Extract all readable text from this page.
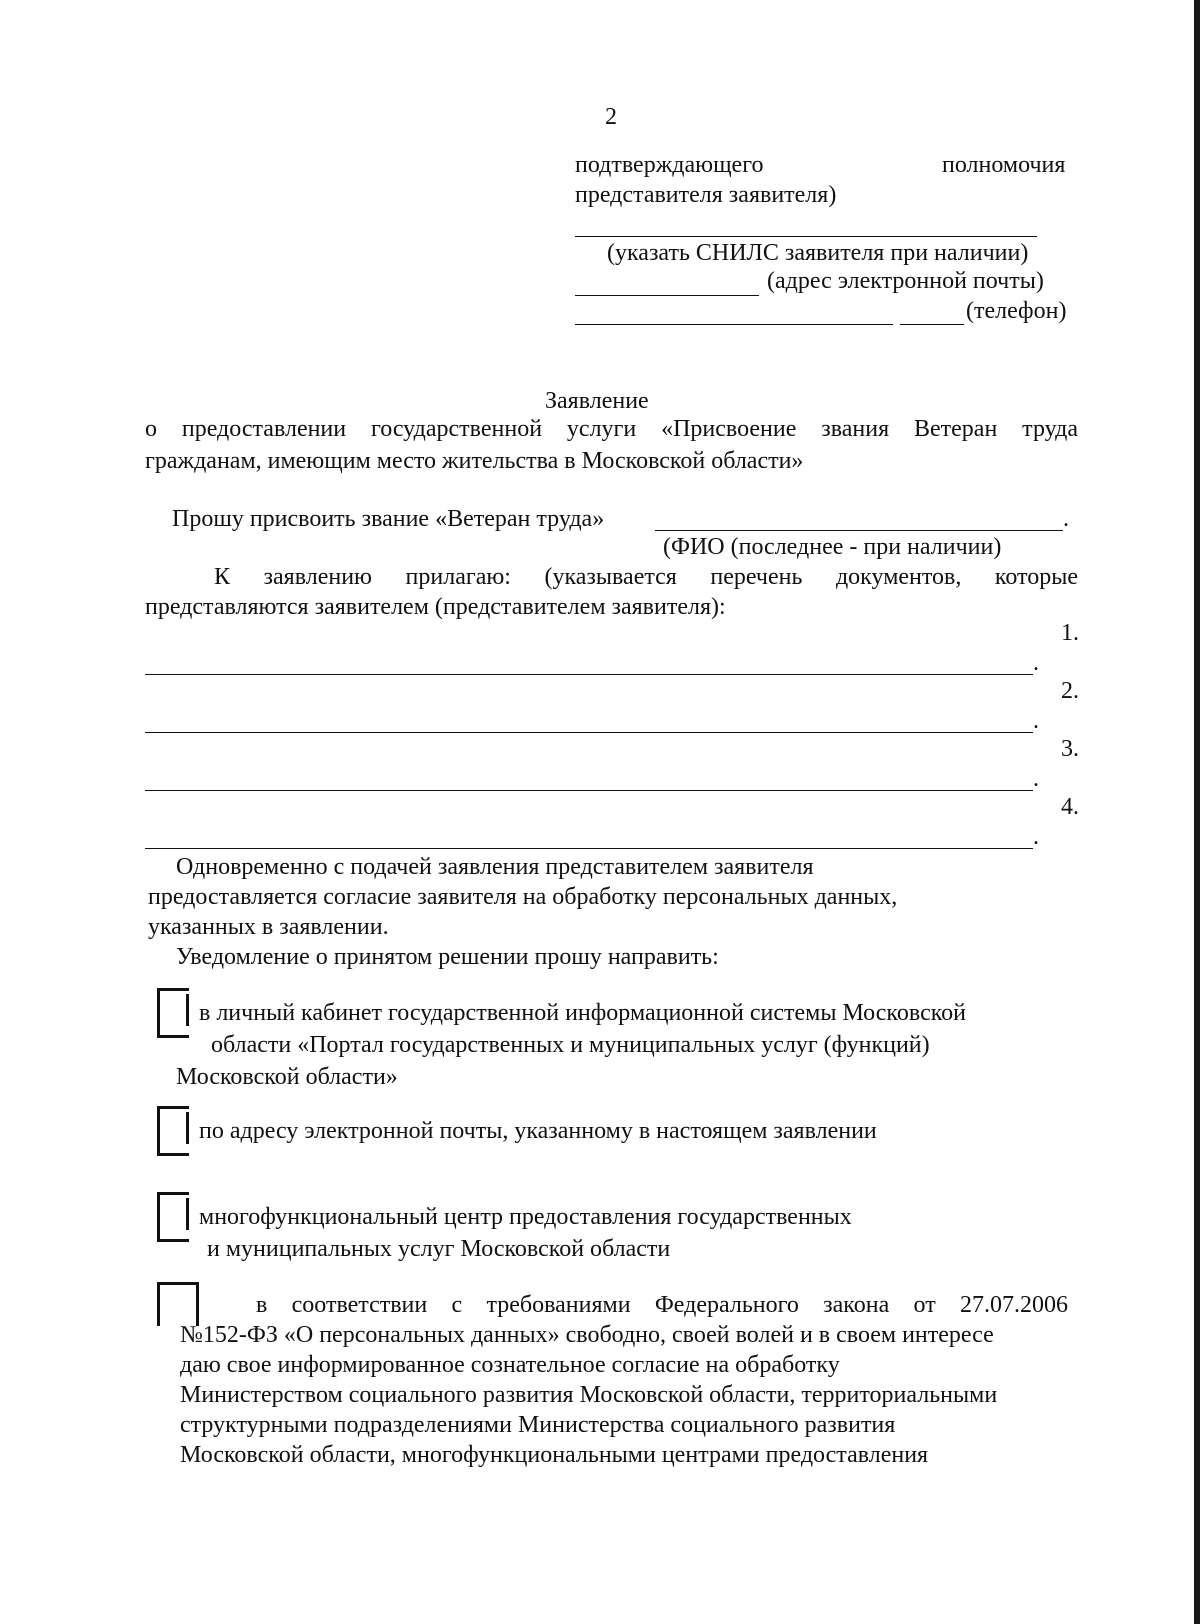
2
подтверждающего	полномочия
представителя заявителя)
(указать СНИЛС заявителя при наличии)
(адрес электронной почты)
(телефон)
Заявление
о предоставлении государственной услуги «Присвоение звания Ветеран труда
гражданам, имеющим место жительства в Московской области»
Прошу присвоить звание «Ветеран труда»	.
(ФИО (последнее - при наличии)
К заявлению прилагаю: (указывается перечень документов, которые
представляются заявителем (представителем заявителя):
1.
.
2.
.
3.
.
4.
.
Одновременно с подачей заявления представителем заявителя
предоставляется согласие заявителя на обработку персональных данных,
указанных в заявлении.
Уведомление о принятом решении прошу направить:
в личный кабинет государственной информационной системы Московской
области «Портал государственных и муниципальных услуг (функций)
Московской области»
по адресу электронной почты, указанному в настоящем заявлении
многофункциональный центр предоставления государственных
и муниципальных услуг Московской области
в соответствии с требованиями Федерального закона от 27.07.2006
№152-ФЗ «О персональных данных» свободно, своей волей и в своем интересе
даю свое информированное сознательное согласие на обработку
Министерством социального развития Московской области, территориальными
структурными подразделениями Министерства социального развития
Московской области, многофункциональными центрами предоставления
